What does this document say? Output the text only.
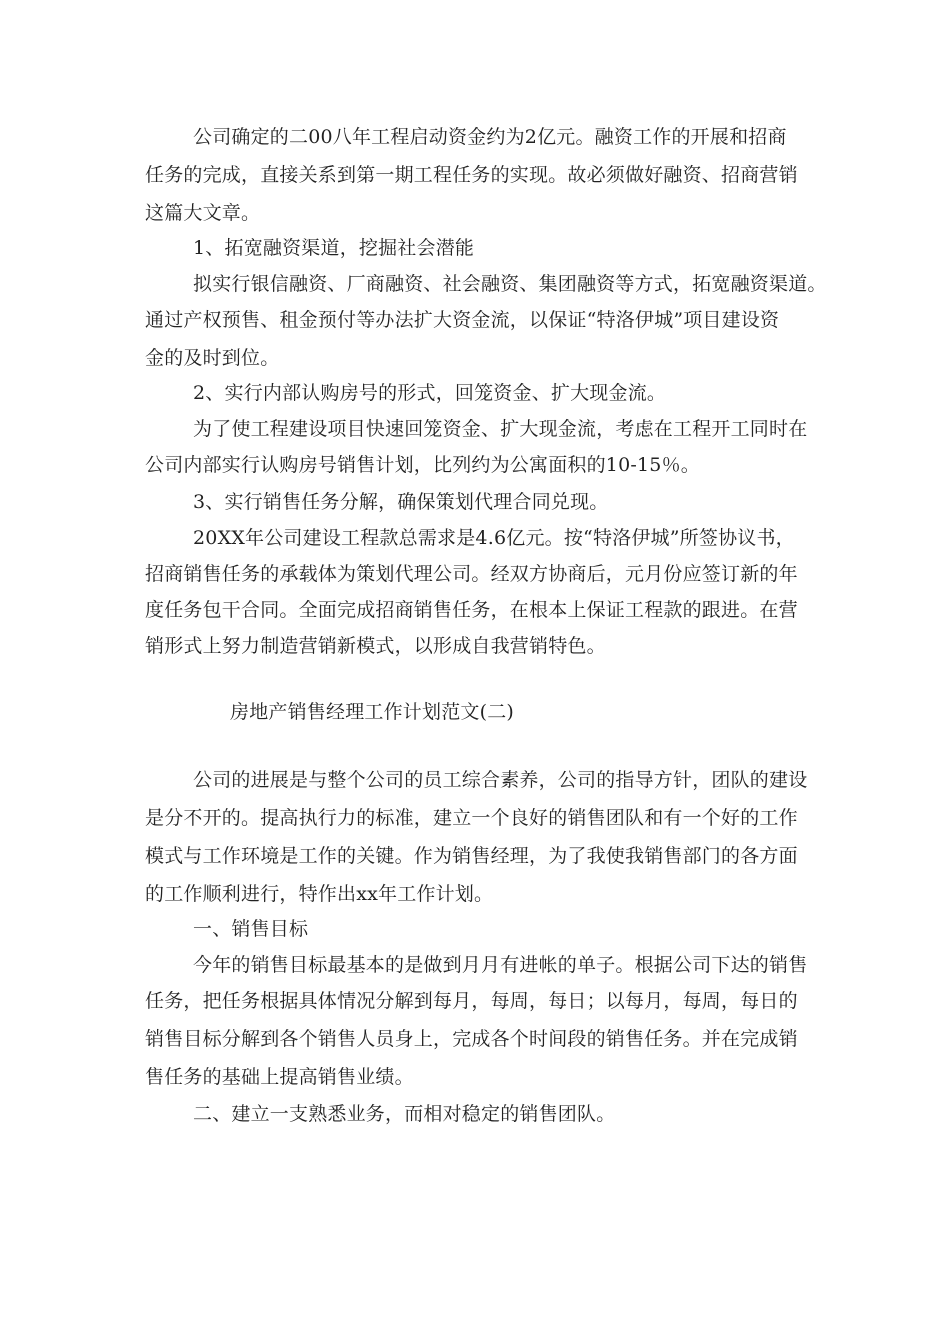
公司确定的二00八年工程启动资金约为2亿元。融资工作的开展和招商
任务的完成，直接关系到第一期工程任务的实现。故必须做好融资、招商营销
这篇大文章。
1、拓宽融资渠道，挖掘社会潜能
拟实行银信融资、厂商融资、社会融资、集团融资等方式，拓宽融资渠道。
通过产权预售、租金预付等办法扩大资金流，以保证“特洛伊城”项目建设资
金的及时到位。
2、实行内部认购房号的形式，回笼资金、扩大现金流。
为了使工程建设项目快速回笼资金、扩大现金流，考虑在工程开工同时在
公司内部实行认购房号销售计划，比列约为公寓面积的10-15％。
3、实行销售任务分解，确保策划代理合同兑现。
20XX年公司建设工程款总需求是4.6亿元。按“特洛伊城”所签协议书，
招商销售任务的承载体为策划代理公司。经双方协商后，元月份应签订新的年
度任务包干合同。全面完成招商销售任务，在根本上保证工程款的跟进。在营
销形式上努力制造营销新模式，以形成自我营销特色。
房地产销售经理工作计划范文(二)
公司的进展是与整个公司的员工综合素养，公司的指导方针，团队的建设
是分不开的。提高执行力的标准，建立一个良好的销售团队和有一个好的工作
模式与工作环境是工作的关键。作为销售经理，为了我使我销售部门的各方面
的工作顺利进行，特作出xx年工作计划。
一、销售目标
今年的销售目标最基本的是做到月月有进帐的单子。根据公司下达的销售
任务，把任务根据具体情况分解到每月，每周，每日；以每月，每周，每日的
销售目标分解到各个销售人员身上，完成各个时间段的销售任务。并在完成销
售任务的基础上提高销售业绩。
二、建立一支熟悉业务，而相对稳定的销售团队。
